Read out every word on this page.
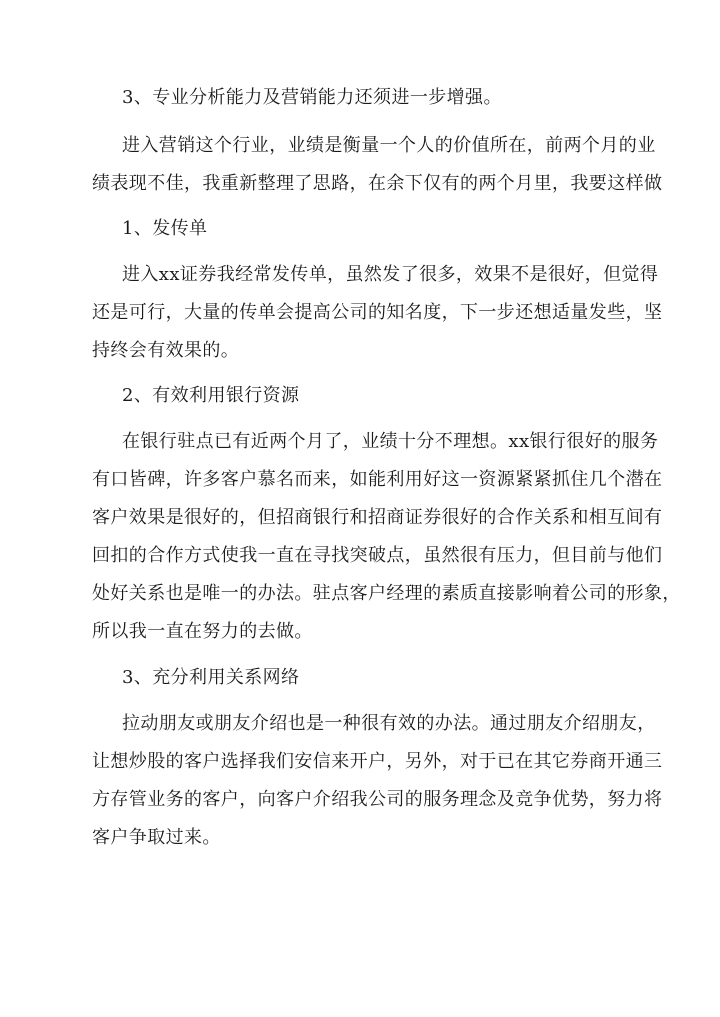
3、专业分析能力及营销能力还须进一步增强。
进入营销这个行业，业绩是衡量一个人的价值所在，前两个月的业
绩表现不佳，我重新整理了思路，在余下仅有的两个月里，我要这样做
1、发传单
进入xx证券我经常发传单，虽然发了很多，效果不是很好，但觉得
还是可行，大量的传单会提高公司的知名度，下一步还想适量发些，坚
持终会有效果的。
2、有效利用银行资源
在银行驻点已有近两个月了，业绩十分不理想。xx银行很好的服务
有口皆碑，许多客户慕名而来，如能利用好这一资源紧紧抓住几个潜在
客户效果是很好的，但招商银行和招商证券很好的合作关系和相互间有
回扣的合作方式使我一直在寻找突破点，虽然很有压力，但目前与他们
处好关系也是唯一的办法。驻点客户经理的素质直接影响着公司的形象，
所以我一直在努力的去做。
3、充分利用关系网络
拉动朋友或朋友介绍也是一种很有效的办法。通过朋友介绍朋友，
让想炒股的客户选择我们安信来开户，另外，对于已在其它券商开通三
方存管业务的客户，向客户介绍我公司的服务理念及竞争优势，努力将
客户争取过来。
